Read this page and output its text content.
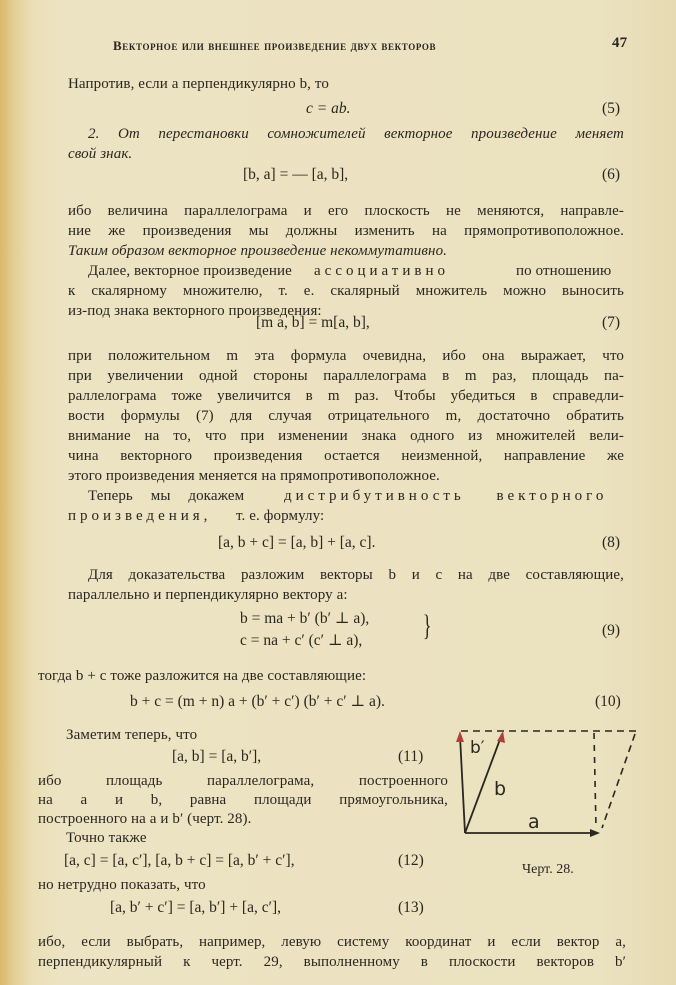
Векторное или внешнее произведение двух векторов	47
Напротив, если a перпендикулярно b, то
c = ab.	(5)
2. От перестановки сомножителей векторное произведение меняет
свой знак.
[b, a] = — [a, b],	(6)
ибо величина параллелограма и его плоскость не меняются, направле-
ние же произведения мы должны изменить на прямопротивоположное.
Таким образом векторное произведение некоммутативно.
Далее, векторное произведение ассоциативно	по отношению
к скалярному множителю, т. е. скалярный множитель можно выносить
из-под знака векторного произведения:
[m a, b] = m[a, b],	(7)
при положительном m эта формула очевидна, ибо она выражает, что
при увеличении одной стороны параллелограма в m раз, площадь па-
раллелограма тоже увеличится в m раз. Чтобы убедиться в справедли-
вости формулы (7) для случая отрицательного m, достаточно обратить
внимание на то, что при изменении знака одного из множителей вели-
чина векторного произведения остается неизменной, направление же
этого произведения меняется на прямопротивоположное.
Теперь мы докажем	дистрибутивность векторного
произведения, т. е. формулу:
[a, b + c] = [a, b] + [a, c].	(8)
Для доказательства разложим векторы b и c на две составляющие,
параллельно и перпендикулярно вектору a:
b = ma + b′ (b′ ⊥ a),
c = na + c′ (c′ ⊥ a), }	(9)
тогда b + c тоже разложится на две составляющие:
b + c = (m + n) a + (b′ + c′) (b′ + c′ ⊥ a).	(10)
Заметим теперь, что
[a, b] = [a, b′],	(11)
ибо площадь параллелограма, построенного
на a и b, равна площади прямоугольника,
построенного на a и b′ (черт. 28).
Точно также
[a, c] = [a, c′], [a, b + c] = [a, b′ + c′],	(12)
но нетрудно показать, что
[a, b′ + c′] = [a, b′] + [a, c′],	(13)
ибо, если выбрать, например, левую систему координат и если вектор a,
перпендикулярный к черт. 29, выполненному в плоскости векторов b′
b′
b
a
Черт. 28.
